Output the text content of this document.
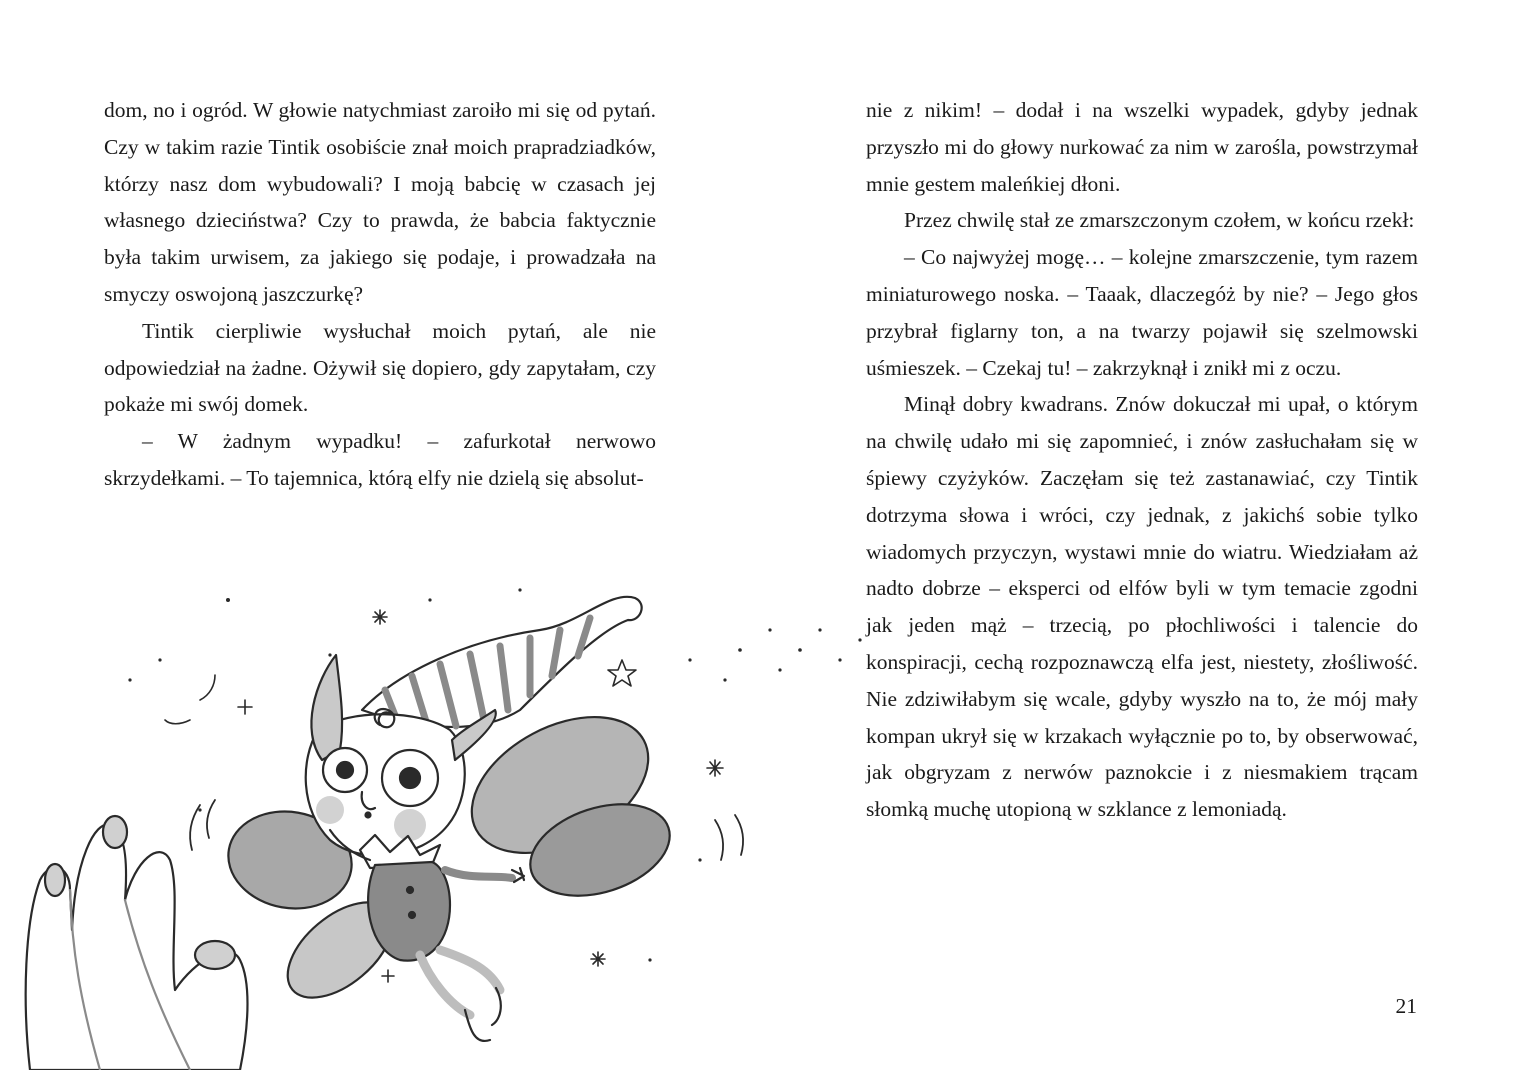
dom, no i ogród. W głowie natychmiast zaroiło mi się od pytań. Czy w takim razie Tintik osobiście znał moich prapradziadków, którzy nasz dom wybudowali? I moją babcię w czasach jej własnego dzieciństwa? Czy to prawda, że babcia faktycznie była takim urwisem, za jakiego się podaje, i prowadzała na smyczy oswojoną jaszczurkę?

Tintik cierpliwie wysłuchał moich pytań, ale nie odpowiedział na żadne. Ożywił się dopiero, gdy zapytałam, czy pokaże mi swój domek.

– W żadnym wypadku! – zafurkotał nerwowo skrzydełkami. – To tajemnica, którą elfy nie dzielą się absolut-

nie z nikim! – dodał i na wszelki wypadek, gdyby jednak przyszło mi do głowy nurkować za nim w zarośla, powstrzymał mnie gestem maleńkiej dłoni.

Przez chwilę stał ze zmarszczonym czołem, w końcu rzekł:

– Co najwyżej mogę… – kolejne zmarszczenie, tym razem miniaturowego noska. – Taaak, dlaczegóż by nie? – Jego głos przybrał figlarny ton, a na twarzy pojawił się szelmowski uśmieszek. – Czekaj tu! – zakrzyknął i znikł mi z oczu.

Minął dobry kwadrans. Znów dokuczał mi upał, o którym na chwilę udało mi się zapomnieć, i znów zasłuchałam się w śpiewy czyżyków. Zaczęłam się też zastanawiać, czy Tintik dotrzyma słowa i wróci, czy jednak, z jakichś sobie tylko wiadomych przyczyn, wystawi mnie do wiatru. Wiedziałam aż nadto dobrze – eksperci od elfów byli w tym temacie zgodni jak jeden mąż – trzecią, po płochliwości i talencie do konspiracji, cechą rozpoznawczą elfa jest, niestety, złośliwość. Nie zdziwiłabym się wcale, gdyby wyszło na to, że mój mały kompan ukrył się w krzakach wyłącznie po to, by obserwować, jak obgryzam z nerwów paznokcie i z niesmakiem trącam słomką muchę utopioną w szklance z lemoniadą.

21
